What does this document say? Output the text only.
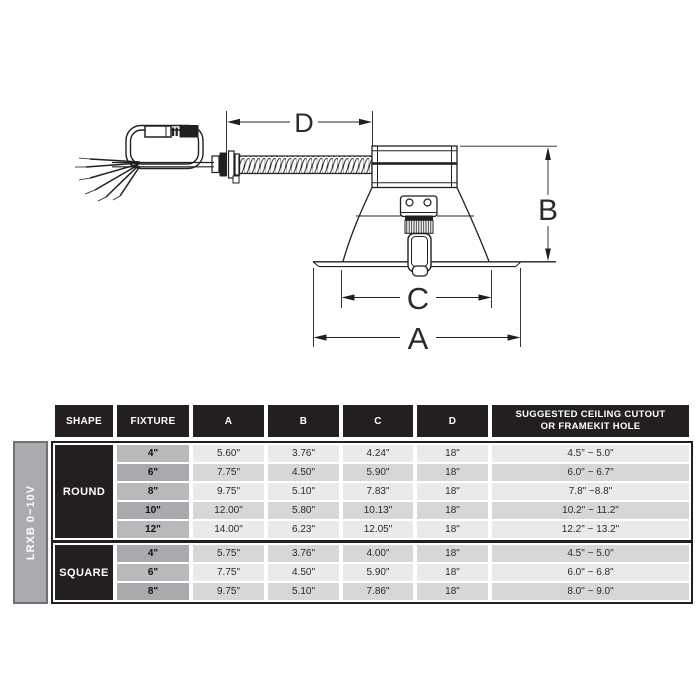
D
B
C
A
LRXB 0~10V
SHAPE	FIXTURE	A	B	C	D
SUGGESTED CEILING CUTOUT
OR FRAMEKIT HOLE
ROUND
4"	5.60"	3.76"	4.24"	18"	4.5" ~ 5.0"
6"	7.75"	4.50"	5.90"	18"	6.0" ~ 6.7"
8"	9.75"	5.10"	7.83"	18"	7.8" ~8.8"
10"	12.00"	5.80"	10.13"	18"	10.2" ~ 11.2"
12"	14.00"	6.23"	12.05"	18"	12.2" ~ 13.2"
SQUARE
4"	5.75"	3.76"	4.00"	18"	4.5" ~ 5.0"
6"	7.75"	4.50"	5.90"	18"	6.0" ~ 6.8"
8"	9.75"	5.10"	7.86"	18"	8.0" ~ 9.0"
